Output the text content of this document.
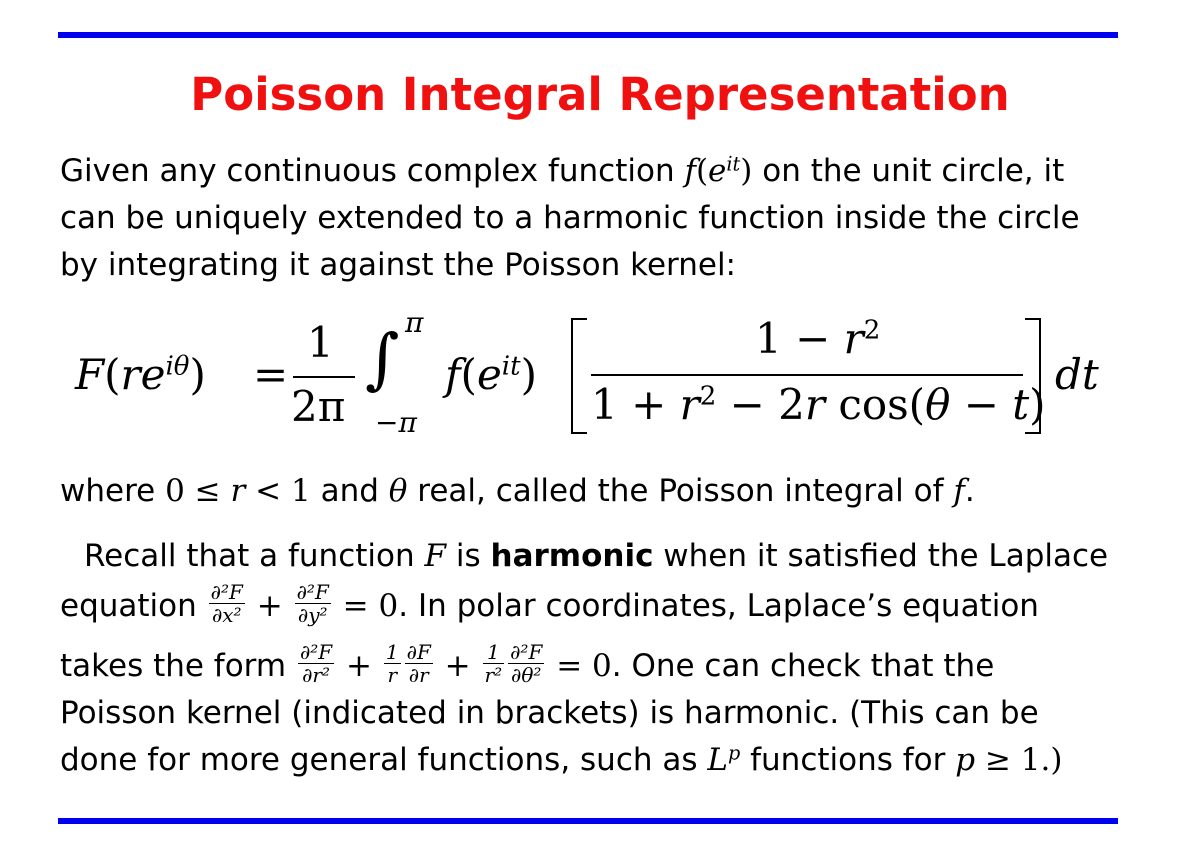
Poisson Integral Representation
Given any continuous complex function $f(e^{it})$ on the unit circle, it
can be uniquely extended to a harmonic function inside the circle
by integrating it against the Poisson kernel:
$F(re^{i\theta})$ =
1
2π
∫ π
−π
$f(e^{it})$
$1 - r^2$
$1 + r^2 - 2r$ cos(θ − t)
dt
where 0 ≤ r < 1 and θ real, called the Poisson integral of f.
Recall that a function F is harmonic when it satisfied the Laplace
equation $\frac{\text{∂²F}}{\text{∂x²}} + \frac{\text{∂²F}}{\text{∂y²}} = 0$. In polar coordinates, Laplace’s equation
takes the form $\frac{\text{∂²F}}{\text{∂r²}} + \frac{1}{r} \frac{\partial F}{\partial r} + \frac{1}{\text{r²}} \frac{\text{∂²F}}{\text{∂θ²}} = 0$. One can check that the
Poisson kernel (indicated in brackets) is harmonic. (This can be
done for more general functions, such as $L^p$ functions for p ≥ 1.)
